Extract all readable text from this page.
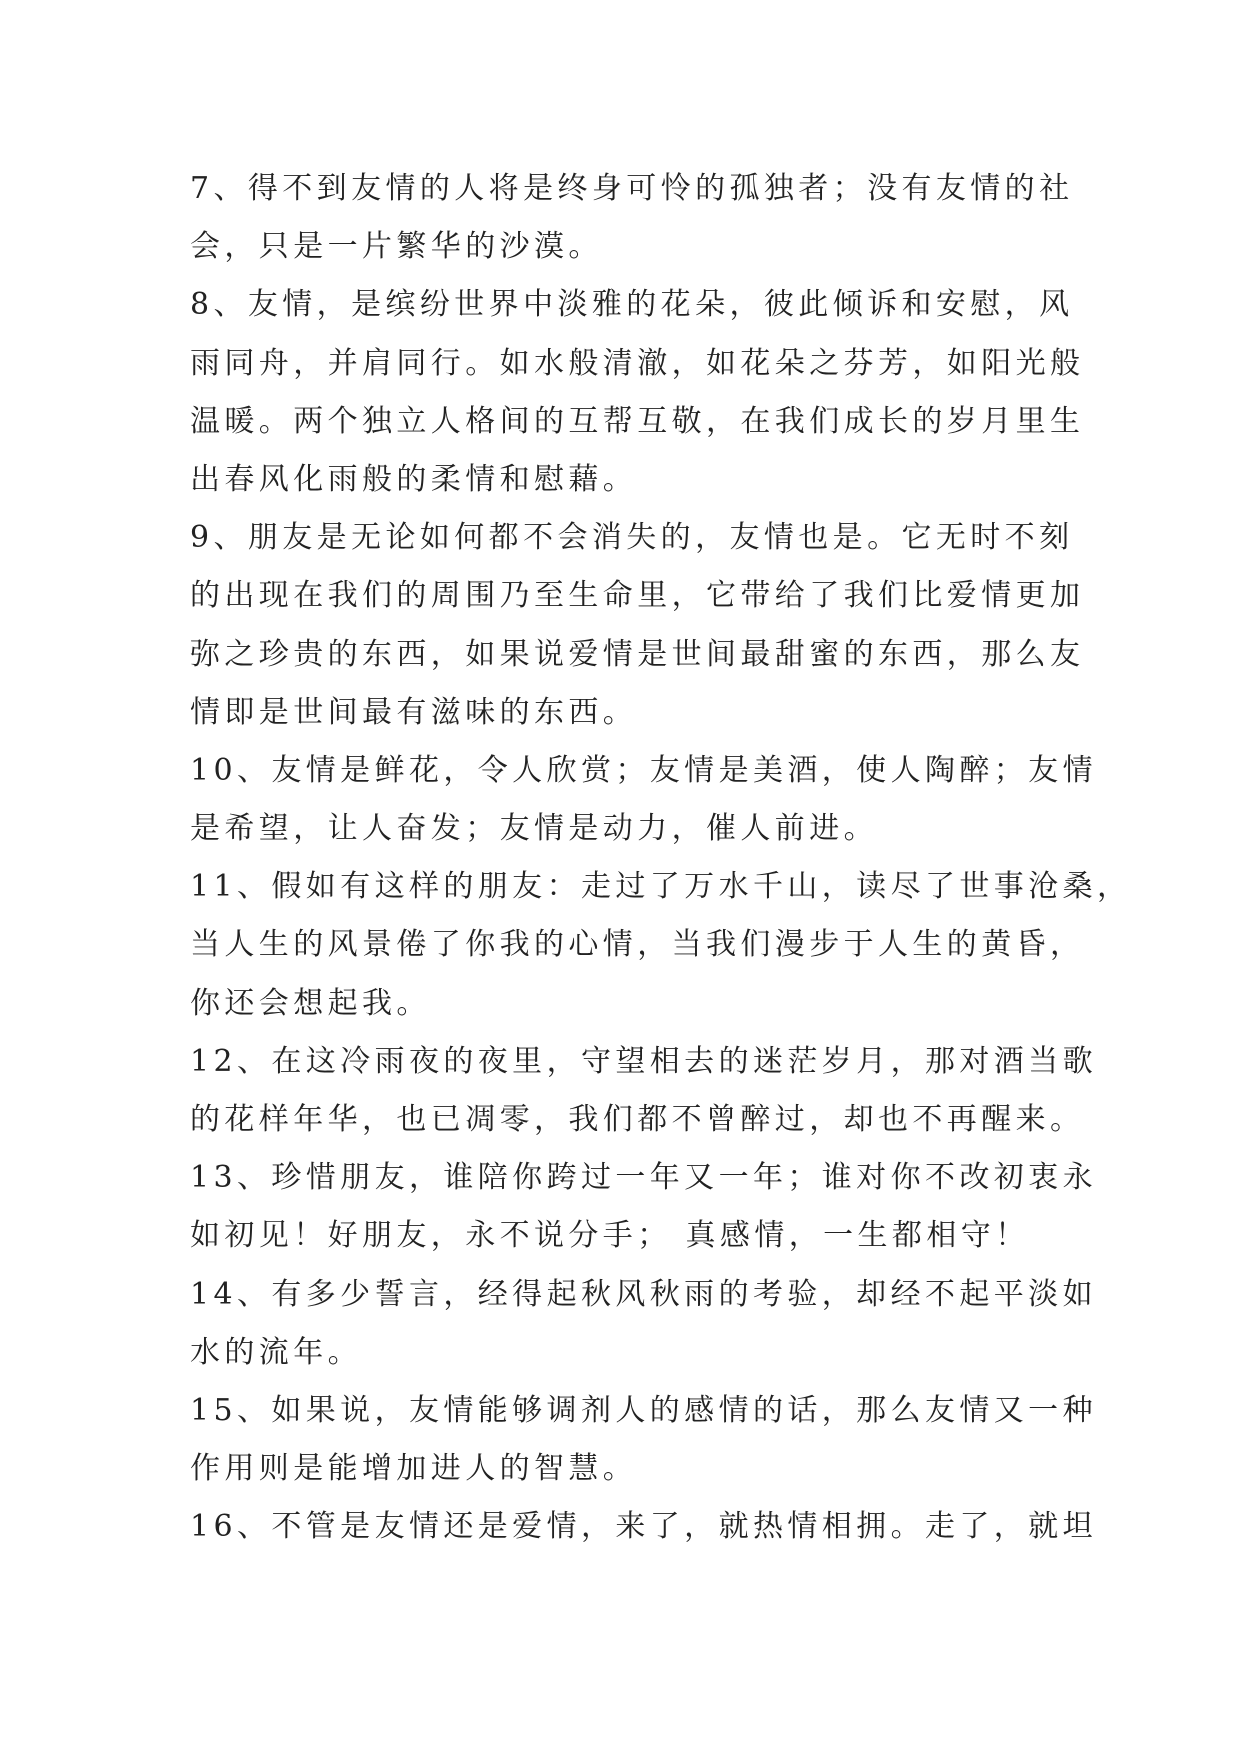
7、得不到友情的人将是终身可怜的孤独者；没有友情的社
会，只是一片繁华的沙漠。
8、友情，是缤纷世界中淡雅的花朵，彼此倾诉和安慰，风
雨同舟，并肩同行。如水般清澈，如花朵之芬芳，如阳光般
温暖。两个独立人格间的互帮互敬，在我们成长的岁月里生
出春风化雨般的柔情和慰藉。
9、朋友是无论如何都不会消失的，友情也是。它无时不刻
的出现在我们的周围乃至生命里，它带给了我们比爱情更加
弥之珍贵的东西，如果说爱情是世间最甜蜜的东西，那么友
情即是世间最有滋味的东西。
10、友情是鲜花，令人欣赏；友情是美酒，使人陶醉；友情
是希望，让人奋发；友情是动力，催人前进。
11、假如有这样的朋友：走过了万水千山，读尽了世事沧桑，
当人生的风景倦了你我的心情，当我们漫步于人生的黄昏，
你还会想起我。
12、在这冷雨夜的夜里，守望相去的迷茫岁月，那对酒当歌
的花样年华，也已凋零，我们都不曾醉过，却也不再醒来。
13、珍惜朋友，谁陪你跨过一年又一年；谁对你不改初衷永
如初见！好朋友，永不说分手； 真感情，一生都相守！
14、有多少誓言，经得起秋风秋雨的考验，却经不起平淡如
水的流年。
15、如果说，友情能够调剂人的感情的话，那么友情又一种
作用则是能增加进人的智慧。
16、不管是友情还是爱情，来了，就热情相拥。走了，就坦
